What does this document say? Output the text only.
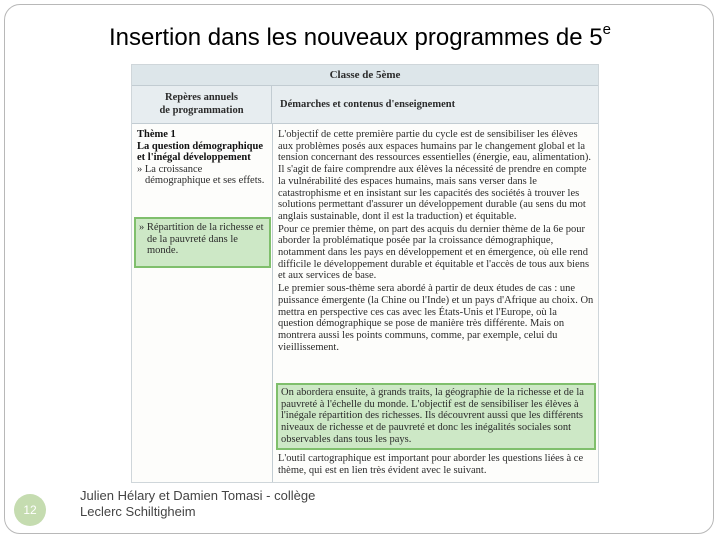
Insertion dans les nouveaux programmes de 5e
Classe de 5ème
Repères annuels
de programmation
Démarches et contenus d'enseignement
Thème 1
La question démographique et l'inégal développement
» La croissance démographique et ses effets.
» Répartition de la richesse et de la pauvreté dans le monde.

L'objectif de cette première partie du cycle est de sensibiliser les élèves aux problèmes posés aux espaces humains par le changement global et la tension concernant des ressources essentielles (énergie, eau, alimentation). Il s'agit de faire comprendre aux élèves la nécessité de prendre en compte la vulnérabilité des espaces humains, mais sans verser dans le catastrophisme et en insistant sur les capacités des sociétés à trouver les solutions permettant d'assurer un développement durable (au sens du mot anglais sustainable, dont il est la traduction) et équitable.

Pour ce premier thème, on part des acquis du dernier thème de la 6e pour aborder la problématique posée par la croissance démographique, notamment dans les pays en développement et en émergence, où elle rend difficile le développement durable et équitable et l'accès de tous aux biens et aux services de base.

Le premier sous-thème sera abordé à partir de deux études de cas : une puissance émergente (la Chine ou l'Inde) et un pays d'Afrique au choix. On mettra en perspective ces cas avec les États-Unis et l'Europe, où la question démographique se pose de manière très différente. Mais on montrera aussi les points communs, comme, par exemple, celui du vieillissement.

On abordera ensuite, à grands traits, la géographie de la richesse et de la pauvreté à l'échelle du monde. L'objectif est de sensibiliser les élèves à l'inégale répartition des richesses. Ils découvrent aussi que les différents niveaux de richesse et de pauvreté et donc les inégalités sociales sont observables dans tous les pays.
L'outil cartographique est important pour aborder les questions liées à ce thème, qui est en lien très évident avec le suivant.
12
Julien Hélary et Damien Tomasi - collège
Leclerc Schiltigheim
